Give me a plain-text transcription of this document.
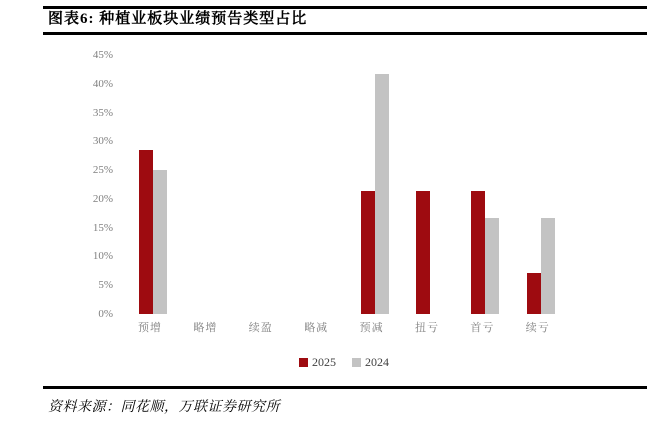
图表6: 种植业板块业绩预告类型占比
0%
5%
10%
15%
20%
25%
30%
35%
40%
45%
预增	略增	续盈	略减	预减	扭亏	首亏	续亏
2025 2024
资料来源：同花顺，万联证券研究所
